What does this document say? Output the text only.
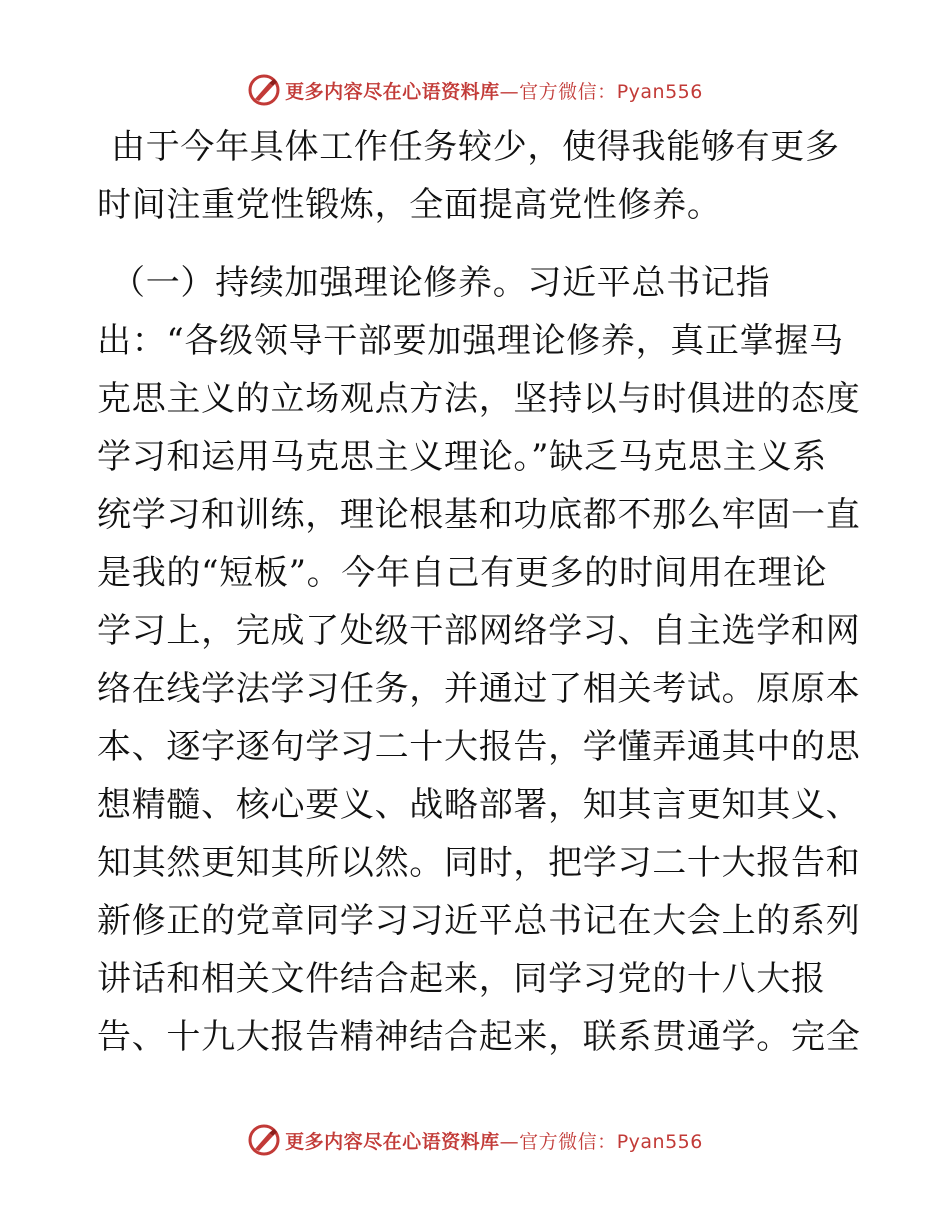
更多内容尽在心语资料库—官方微信：Pyan556
由于今年具体工作任务较少，使得我能够有更多
时间注重党性锻炼，全面提高党性修养。
（一）持续加强理论修养。习近平总书记指
出：“各级领导干部要加强理论修养，真正掌握马
克思主义的立场观点方法，坚持以与时俱进的态度
学习和运用马克思主义理论。”缺乏马克思主义系
统学习和训练，理论根基和功底都不那么牢固一直
是我的“短板”。今年自己有更多的时间用在理论
学习上，完成了处级干部网络学习、自主选学和网
络在线学法学习任务，并通过了相关考试。原原本
本、逐字逐句学习二十大报告，学懂弄通其中的思
想精髓、核心要义、战略部署，知其言更知其义、
知其然更知其所以然。同时，把学习二十大报告和
新修正的党章同学习习近平总书记在大会上的系列
讲话和相关文件结合起来，同学习党的十八大报
告、十九大报告精神结合起来，联系贯通学。完全
更多内容尽在心语资料库—官方微信：Pyan556
